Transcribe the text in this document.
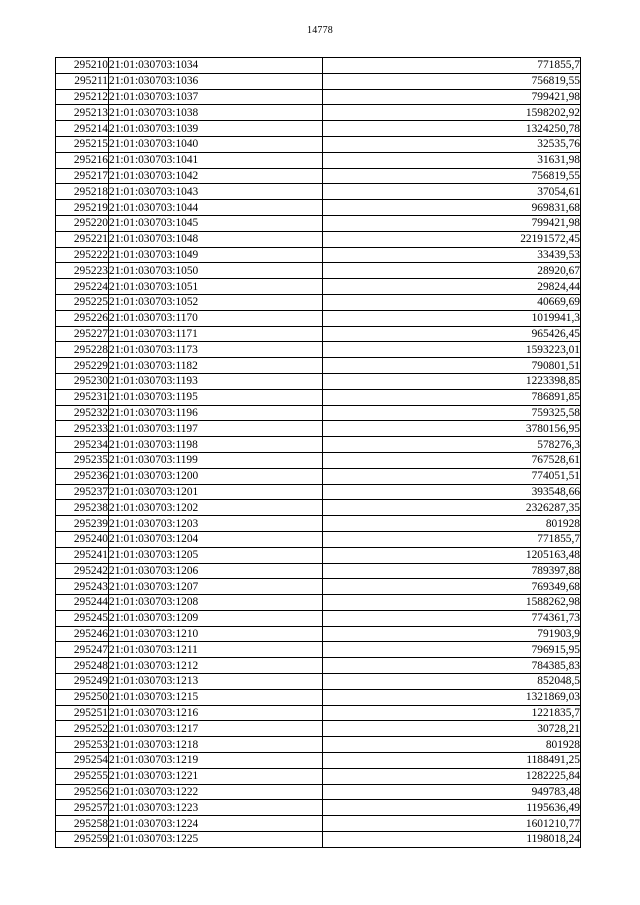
14778
295210	21:01:030703:1034	771855,7
295211	21:01:030703:1036	756819,55
295212	21:01:030703:1037	799421,98
295213	21:01:030703:1038	1598202,92
295214	21:01:030703:1039	1324250,78
295215	21:01:030703:1040	32535,76
295216	21:01:030703:1041	31631,98
295217	21:01:030703:1042	756819,55
295218	21:01:030703:1043	37054,61
295219	21:01:030703:1044	969831,68
295220	21:01:030703:1045	799421,98
295221	21:01:030703:1048	22191572,45
295222	21:01:030703:1049	33439,53
295223	21:01:030703:1050	28920,67
295224	21:01:030703:1051	29824,44
295225	21:01:030703:1052	40669,69
295226	21:01:030703:1170	1019941,3
295227	21:01:030703:1171	965426,45
295228	21:01:030703:1173	1593223,01
295229	21:01:030703:1182	790801,51
295230	21:01:030703:1193	1223398,85
295231	21:01:030703:1195	786891,85
295232	21:01:030703:1196	759325,58
295233	21:01:030703:1197	3780156,95
295234	21:01:030703:1198	578276,3
295235	21:01:030703:1199	767528,61
295236	21:01:030703:1200	774051,51
295237	21:01:030703:1201	393548,66
295238	21:01:030703:1202	2326287,35
295239	21:01:030703:1203	801928
295240	21:01:030703:1204	771855,7
295241	21:01:030703:1205	1205163,48
295242	21:01:030703:1206	789397,88
295243	21:01:030703:1207	769349,68
295244	21:01:030703:1208	1588262,98
295245	21:01:030703:1209	774361,73
295246	21:01:030703:1210	791903,9
295247	21:01:030703:1211	796915,95
295248	21:01:030703:1212	784385,83
295249	21:01:030703:1213	852048,5
295250	21:01:030703:1215	1321869,03
295251	21:01:030703:1216	1221835,7
295252	21:01:030703:1217	30728,21
295253	21:01:030703:1218	801928
295254	21:01:030703:1219	1188491,25
295255	21:01:030703:1221	1282225,84
295256	21:01:030703:1222	949783,48
295257	21:01:030703:1223	1195636,49
295258	21:01:030703:1224	1601210,77
295259	21:01:030703:1225	1198018,24
